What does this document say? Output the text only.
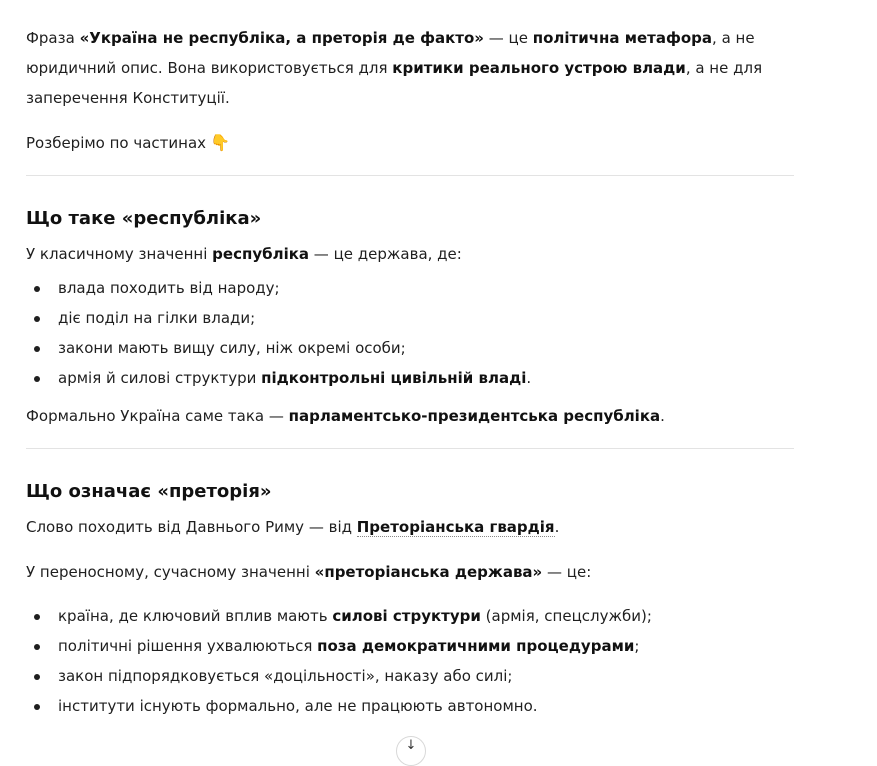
Фраза «Україна не республіка, а преторія де факто» — це політична метафора, а не юридичний опис. Вона використовується для критики реального устрою влади, а не для заперечення Конституції.

Розберімо по частинах 👇

Що таке «республіка»

У класичному значенні республіка — це держава, де:

влада походить від народу;
діє поділ на гілки влади;
закони мають вищу силу, ніж окремі особи;
армія й силові структури підконтрольні цивільній владі.

Формально Україна саме така — парламентсько-президентська республіка.

Що означає «преторія»

Слово походить від Давнього Риму — від Преторіанська гвардія.

У переносному, сучасному значенні «преторіанська держава» — це:

країна, де ключовий вплив мають силові структури (армія, спецслужби);
політичні рішення ухвалюються поза демократичними процедурами;
закон підпорядковується «доцільності», наказу або силі;
інститути існують формально, але не працюють автономно.
↓
